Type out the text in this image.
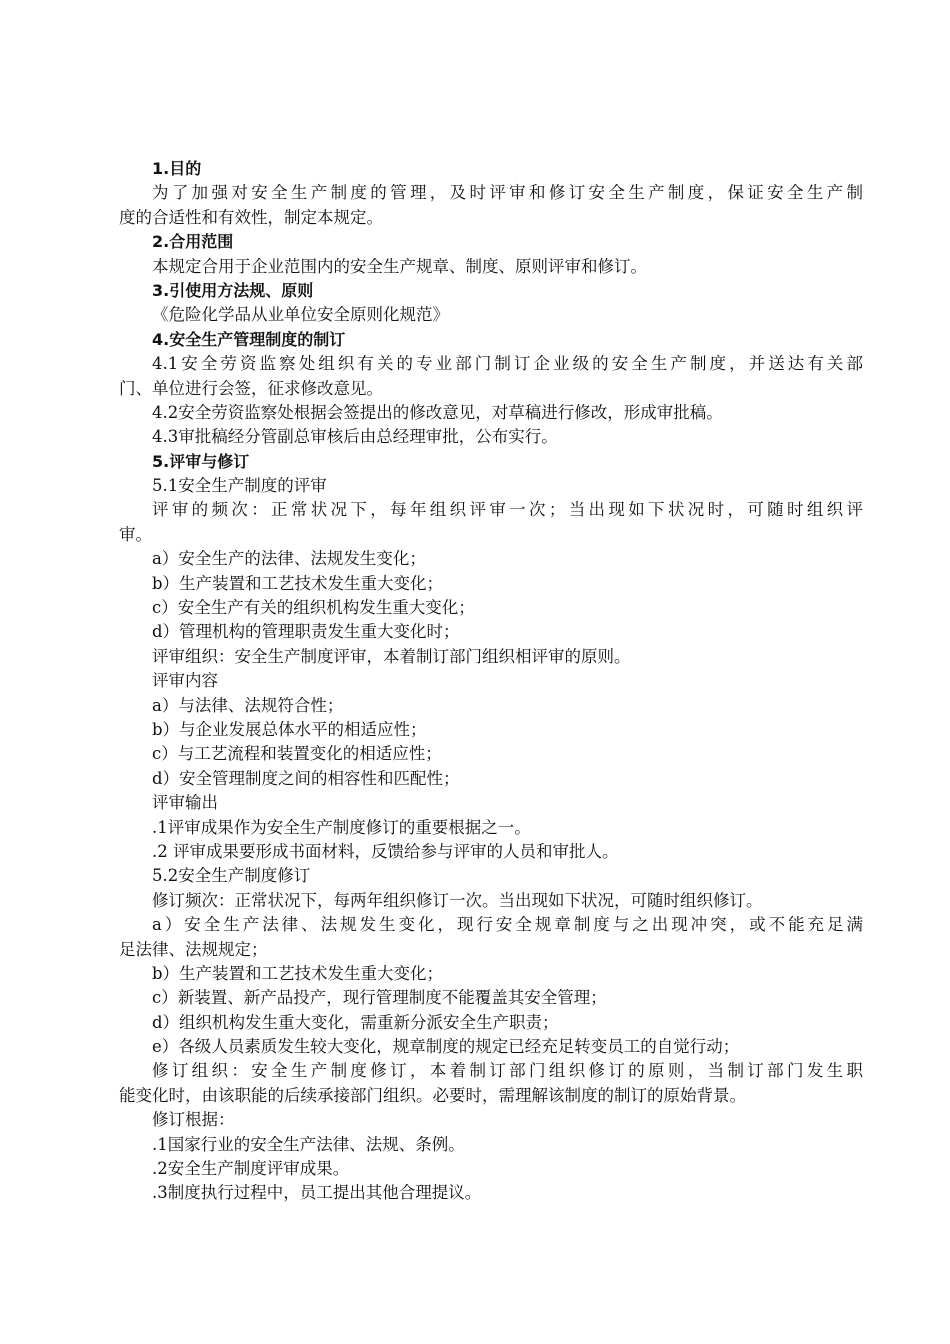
1.目的
为了加强对安全生产制度的管理，及时评审和修订安全生产制度，保证安全生产制
度的合适性和有效性，制定本规定。
2.合用范围
本规定合用于企业范围内的安全生产规章、制度、原则评审和修订。
3.引使用方法规、原则
《危险化学品从业单位安全原则化规范》
4.安全生产管理制度的制订
4.1安全劳资监察处组织有关的专业部门制订企业级的安全生产制度，并送达有关部
门、单位进行会签，征求修改意见。
4.2安全劳资监察处根据会签提出的修改意见，对草稿进行修改，形成审批稿。
4.3审批稿经分管副总审核后由总经理审批，公布实行。
5.评审与修订
5.1安全生产制度的评审
评审的频次：正常状况下，每年组织评审一次；当出现如下状况时，可随时组织评
审。
a）安全生产的法律、法规发生变化；
b）生产装置和工艺技术发生重大变化；
c）安全生产有关的组织机构发生重大变化；
d）管理机构的管理职责发生重大变化时；
评审组织：安全生产制度评审，本着制订部门组织相评审的原则。
评审内容
a）与法律、法规符合性；
b）与企业发展总体水平的相适应性；
c）与工艺流程和装置变化的相适应性；
d）安全管理制度之间的相容性和匹配性；
评审输出
.1评审成果作为安全生产制度修订的重要根据之一。
.2 评审成果要形成书面材料，反馈给参与评审的人员和审批人。
5.2安全生产制度修订
修订频次：正常状况下，每两年组织修订一次。当出现如下状况，可随时组织修订。
a）安全生产法律、法规发生变化，现行安全规章制度与之出现冲突，或不能充足满
足法律、法规规定；
b）生产装置和工艺技术发生重大变化；
c）新装置、新产品投产，现行管理制度不能覆盖其安全管理；
d）组织机构发生重大变化，需重新分派安全生产职责；
e）各级人员素质发生较大变化，规章制度的规定已经充足转变员工的自觉行动；
修订组织：安全生产制度修订，本着制订部门组织修订的原则，当制订部门发生职
能变化时，由该职能的后续承接部门组织。必要时，需理解该制度的制订的原始背景。
修订根据：
.1国家行业的安全生产法律、法规、条例。
.2安全生产制度评审成果。
.3制度执行过程中，员工提出其他合理提议。
